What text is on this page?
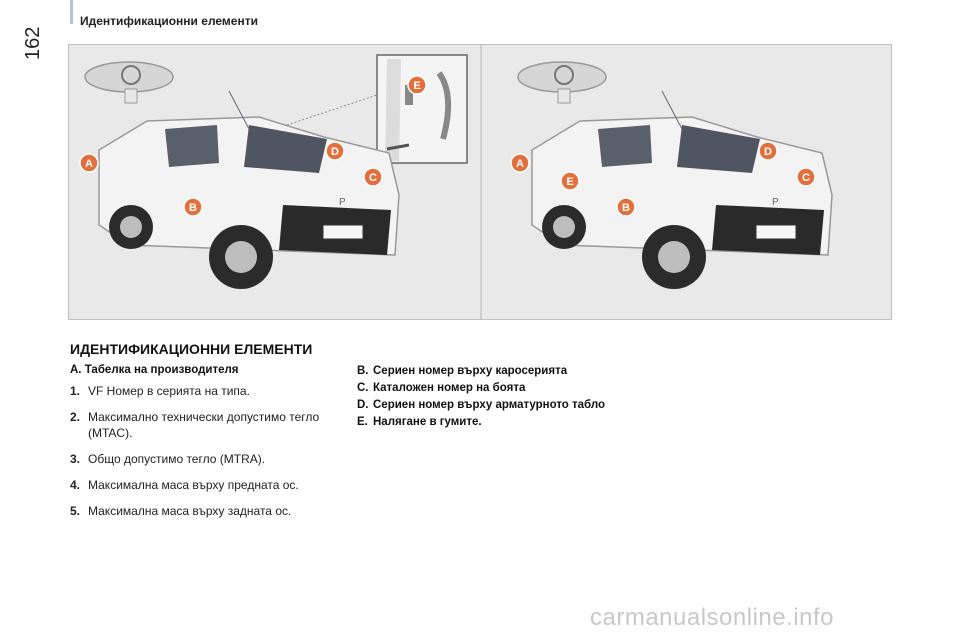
Идентификационни елементи
162
P
A
B
C
D
E
P
A
B
C
D
E
ИДЕНТИФИКАЦИОННИ ЕЛЕМЕНТИ
А. Табелка на производителя
1. VF Номер в серията на типа.
2. Максимално технически допустимо тегло (MTAC).
3. Общо допустимо тегло (MTRA).
4. Максимална маса върху предната ос.
5. Максимална маса върху задната ос.
B. Сериен номер върху каросерията
C. Каталожен номер на боята
D. Сериен номер върху арматурното табло
E. Налягане в гумите.
carmanualsonline.info
